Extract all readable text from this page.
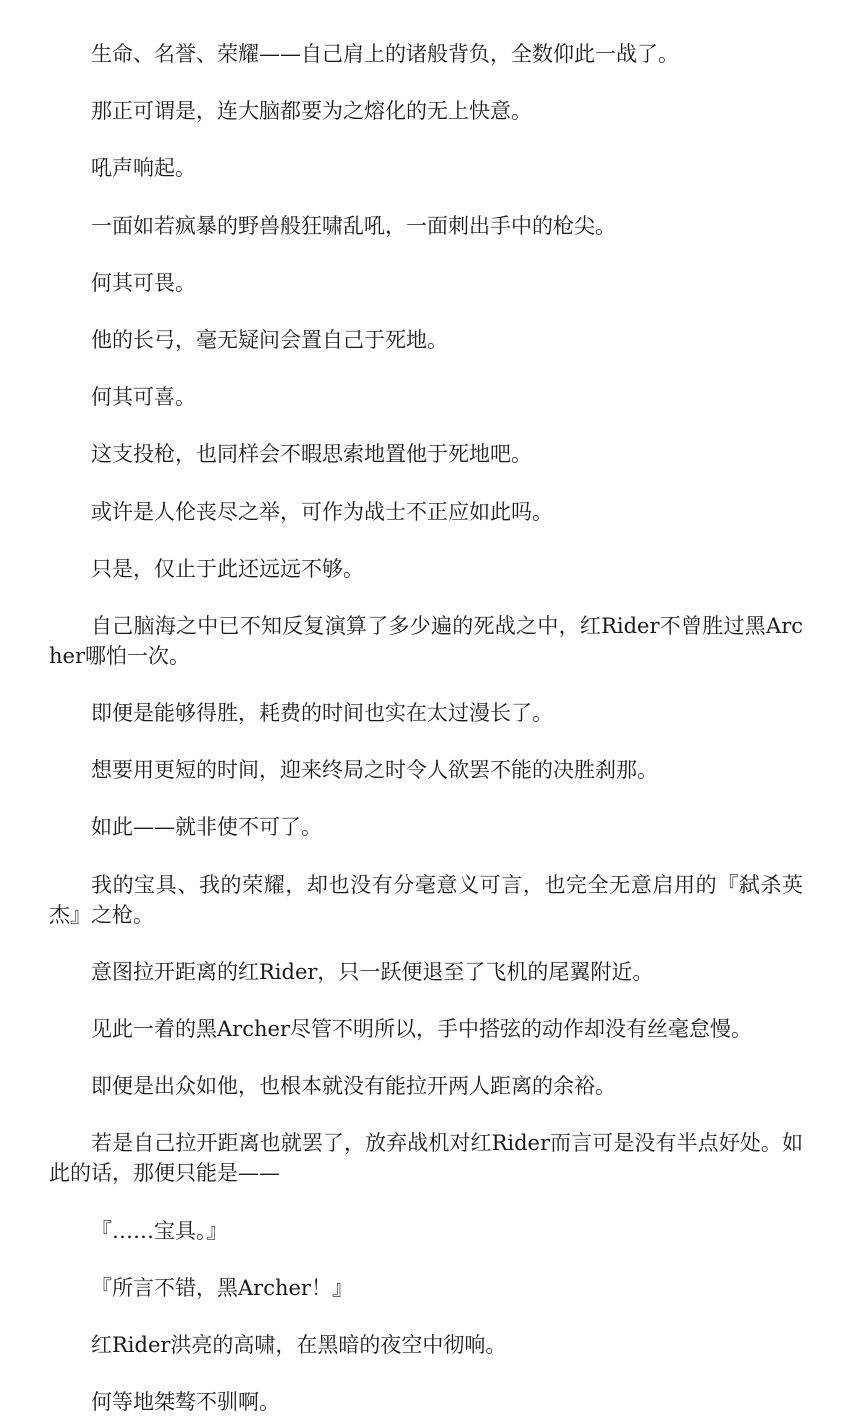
生命、名誉、荣耀——自己肩上的诸般背负，全数仰此一战了。

那正可谓是，连大脑都要为之熔化的无上快意。

吼声响起。

一面如若疯暴的野兽般狂啸乱吼，一面刺出手中的枪尖。

何其可畏。

他的长弓，毫无疑问会置自己于死地。

何其可喜。

这支投枪，也同样会不暇思索地置他于死地吧。

或许是人伦丧尽之举，可作为战士不正应如此吗。

只是，仅止于此还远远不够。

自己脑海之中已不知反复演算了多少遍的死战之中，红Rider不曾胜过黑Archer哪怕一次。

即便是能够得胜，耗费的时间也实在太过漫长了。

想要用更短的时间，迎来终局之时令人欲罢不能的决胜刹那。

如此——就非使不可了。

我的宝具、我的荣耀，却也没有分毫意义可言，也完全无意启用的『弑杀英杰』之枪。

意图拉开距离的红Rider，只一跃便退至了飞机的尾翼附近。

见此一着的黑Archer尽管不明所以，手中搭弦的动作却没有丝毫怠慢。

即便是出众如他，也根本就没有能拉开两人距离的余裕。

若是自己拉开距离也就罢了，放弃战机对红Rider而言可是没有半点好处。如此的话，那便只能是——

『……宝具。』

『所言不错，黑Archer！』

红Rider洪亮的高啸，在黑暗的夜空中彻响。

何等地桀骜不驯啊。
